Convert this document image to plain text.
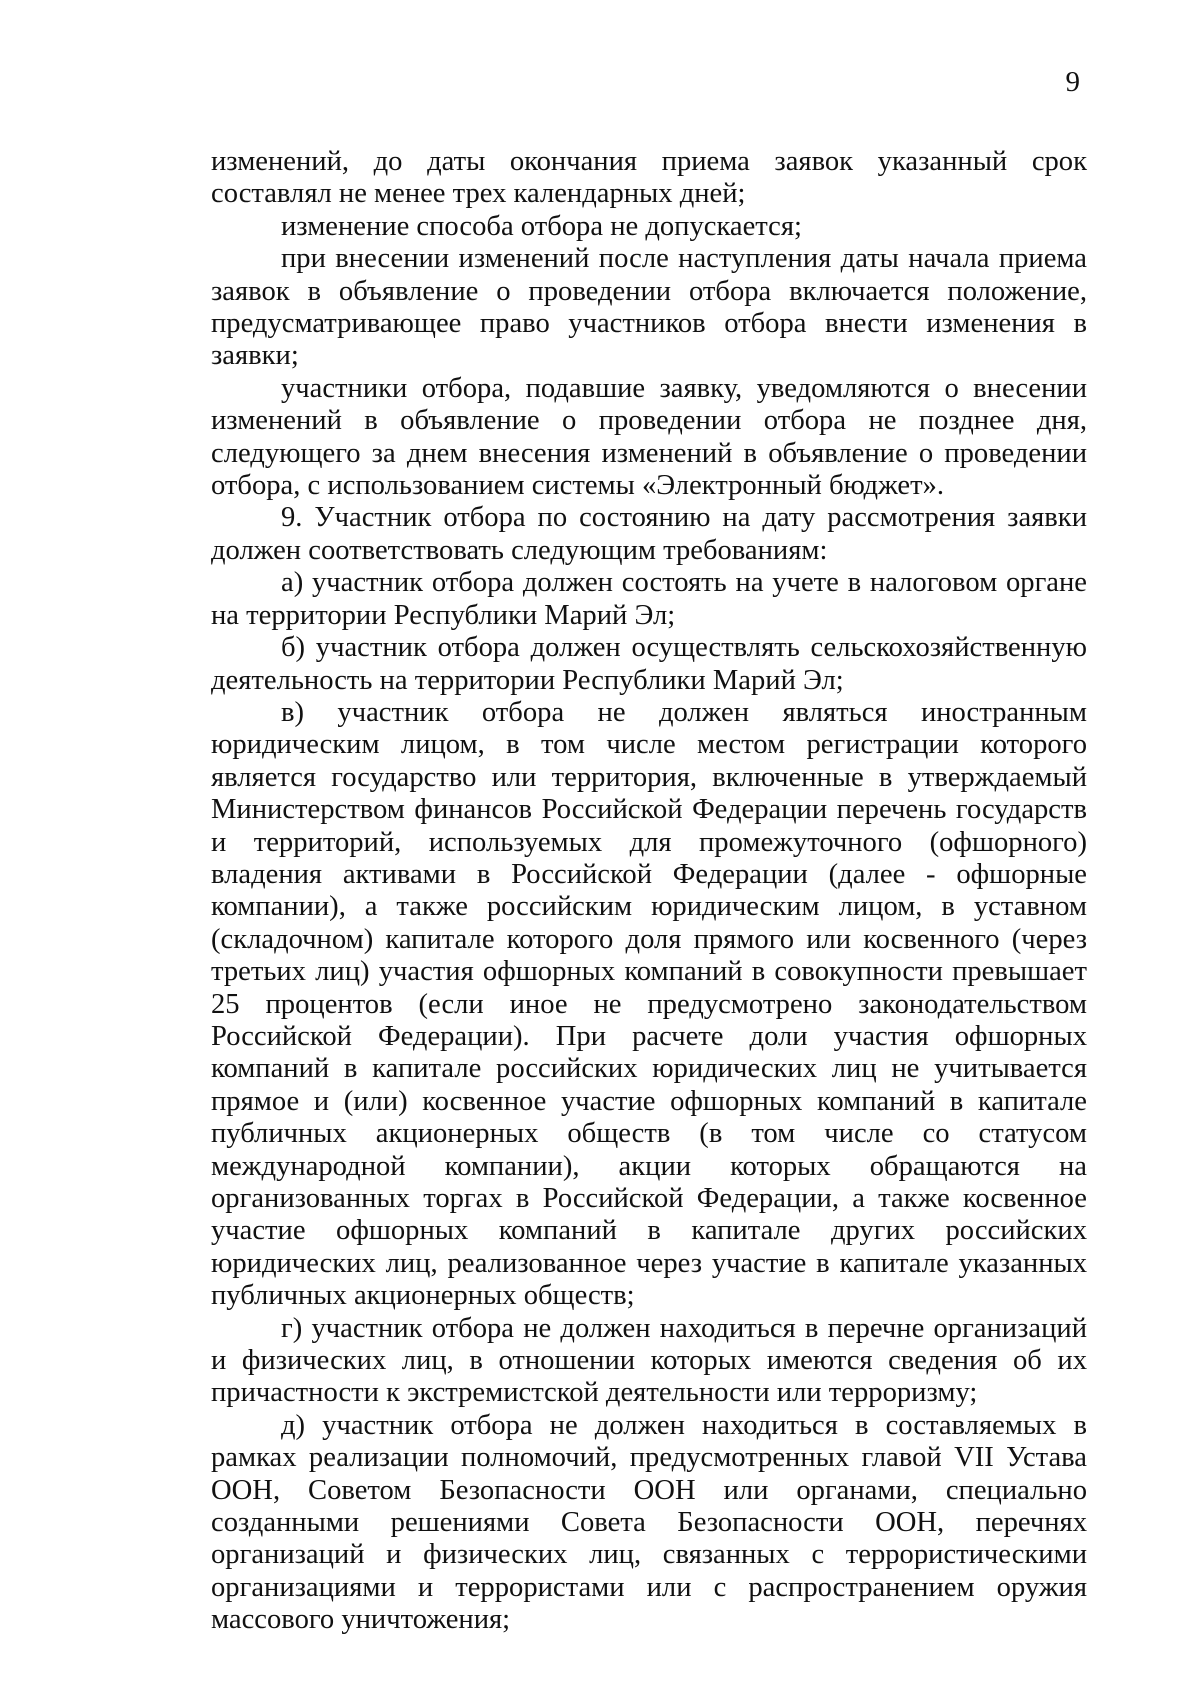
9

изменений, до даты окончания приема заявок указанный срок составлял не менее трех календарных дней;

изменение способа отбора не допускается;

при внесении изменений после наступления даты начала приема заявок в объявление о проведении отбора включается положение, предусматривающее право участников отбора внести изменения в заявки;

участники отбора, подавшие заявку, уведомляются о внесении изменений в объявление о проведении отбора не позднее дня, следующего за днем внесения изменений в объявление о проведении отбора, с использованием системы «Электронный бюджет».

9. Участник отбора по состоянию на дату рассмотрения заявки должен соответствовать следующим требованиям:

а) участник отбора должен состоять на учете в налоговом органе на территории Республики Марий Эл;

б) участник отбора должен осуществлять сельскохозяйственную деятельность на территории Республики Марий Эл;

в) участник отбора не должен являться иностранным юридическим лицом, в том числе местом регистрации которого является государство или территория, включенные в утверждаемый Министерством финансов Российской Федерации перечень государств и территорий, используемых для промежуточного (офшорного) владения активами в Российской Федерации (далее - офшорные компании), а также российским юридическим лицом, в уставном (складочном) капитале которого доля прямого или косвенного (через третьих лиц) участия офшорных компаний в совокупности превышает 25 процентов (если иное не предусмотрено законодательством Российской Федерации). При расчете доли участия офшорных компаний в капитале российских юридических лиц не учитывается прямое и (или) косвенное участие офшорных компаний в капитале публичных акционерных обществ (в том числе со статусом международной компании), акции которых обращаются на организованных торгах в Российской Федерации, а также косвенное участие офшорных компаний в капитале других российских юридических лиц, реализованное через участие в капитале указанных публичных акционерных обществ;

г) участник отбора не должен находиться в перечне организаций и физических лиц, в отношении которых имеются сведения об их причастности к экстремистской деятельности или терроризму;

д) участник отбора не должен находиться в составляемых в рамках реализации полномочий, предусмотренных главой VII Устава ООН, Советом Безопасности ООН или органами, специально созданными решениями Совета Безопасности ООН, перечнях организаций и физических лиц, связанных с террористическими организациями и террористами или с распространением оружия массового уничтожения;
